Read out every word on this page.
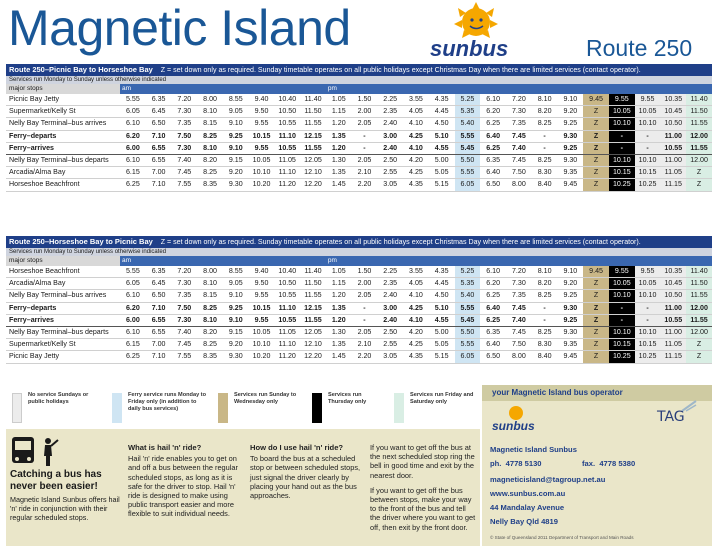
Magnetic Island	sunbus	Route 250
Route 250–Picnic Bay to Horseshoe Bay Z = set down only as required. Sunday timetable operates on all public holidays except Christmas Day when there are limited services (contact operator).																							
Services run Monday to Sunday unless otherwise indicated																							
major stops	am								pm														
Picnic Bay Jetty	5.55	6.35	7.20	8.00	8.55	9.40	10.40	11.40	1.05	1.50	2.25	3.55	4.35	5.25	6.10	7.20	8.10	9.10	9.45	9.55	9.55	10.35	11.40
Supermarket/Kelly St	6.05	6.45	7.30	8.10	9.05	9.50	10.50	11.50	1.15	2.00	2.35	4.05	4.45	5.35	6.20	7.30	8.20	9.20	Z	10.05	10.05	10.45	11.50
Nelly Bay Terminal–bus arrives	6.10	6.50	7.35	8.15	9.10	9.55	10.55	11.55	1.20	2.05	2.40	4.10	4.50	5.40	6.25	7.35	8.25	9.25	Z	10.10	10.10	10.50	11.55
Ferry–departs	6.20	7.10	7.50	8.25	9.25	10.15	11.10	12.15	1.35	-	3.00	4.25	5.10	5.55	6.40	7.45	-	9.30	Z	-	-	11.00	12.00
Ferry–arrives	6.00	6.55	7.30	8.10	9.10	9.55	10.55	11.55	1.20	-	2.40	4.10	4.55	5.45	6.25	7.40	-	9.25	Z	-	-	10.55	11.55
Nelly Bay Terminal–bus departs	6.10	6.55	7.40	8.20	9.15	10.05	11.05	12.05	1.30	2.05	2.50	4.20	5.00	5.50	6.35	7.45	8.25	9.30	Z	10.10	10.10	11.00	12.00
Arcadia/Alma Bay	6.15	7.00	7.45	8.25	9.20	10.10	11.10	12.10	1.35	2.10	2.55	4.25	5.05	5.55	6.40	7.50	8.30	9.35	Z	10.15	10.15	11.05	Z
Horseshoe Beachfront	6.25	7.10	7.55	8.35	9.30	10.20	11.20	12.20	1.45	2.20	3.05	4.35	5.15	6.05	6.50	8.00	8.40	9.45	Z	10.25	10.25	11.15	Z
Route 250–Horseshoe Bay to Picnic Bay Z = set down only as required. Sunday timetable operates on all public holidays except Christmas Day when there are limited services (contact operator).																							
Services run Monday to Sunday unless otherwise indicated																							
major stops	am								pm														
Horseshoe Beachfront	5.55	6.35	7.20	8.00	8.55	9.40	10.40	11.40	1.05	1.50	2.25	3.55	4.35	5.25	6.10	7.20	8.10	9.10	9.45	9.55	9.55	10.35	11.40
Arcadia/Alma Bay	6.05	6.45	7.30	8.10	9.05	9.50	10.50	11.50	1.15	2.00	2.35	4.05	4.45	5.35	6.20	7.30	8.20	9.20	Z	10.05	10.05	10.45	11.50
Nelly Bay Terminal–bus arrives	6.10	6.50	7.35	8.15	9.10	9.55	10.55	11.55	1.20	2.05	2.40	4.10	4.50	5.40	6.25	7.35	8.25	9.25	Z	10.10	10.10	10.50	11.55
Ferry–departs	6.20	7.10	7.50	8.25	9.25	10.15	11.10	12.15	1.35	-	3.00	4.25	5.10	5.55	6.40	7.45	-	9.30	Z	-	-	11.00	12.00
Ferry–arrives	6.00	6.55	7.30	8.10	9.10	9.55	10.55	11.55	1.20	-	2.40	4.10	4.55	5.45	6.25	7.40	-	9.25	Z	-	-	10.55	11.55
Nelly Bay Terminal–bus departs	6.10	6.55	7.40	8.20	9.15	10.05	11.05	12.05	1.30	2.05	2.50	4.20	5.00	5.50	6.35	7.45	8.25	9.30	Z	10.10	10.10	11.00	12.00
Supermarket/Kelly St	6.15	7.00	7.45	8.25	9.20	10.10	11.10	12.10	1.35	2.10	2.55	4.25	5.05	5.55	6.40	7.50	8.30	9.35	Z	10.15	10.15	11.05	Z
Picnic Bay Jetty	6.25	7.10	7.55	8.35	9.30	10.20	11.20	12.20	1.45	2.20	3.05	4.35	5.15	6.05	6.50	8.00	8.40	9.45	Z	10.25	10.25	11.15	Z
No service Sundays or public holidays
Ferry service runs Monday to Friday only (in addition to daily bus services)
Services run Sunday to Wednesday only
Services run Thursday only
Services run Friday and Saturday only
Catching a bus has never been easier!
Magnetic Island Sunbus offers hail 'n' ride in conjunction with their regular scheduled stops.
What is hail 'n' ride?
Hail 'n' ride enables you to get on and off a bus between the regular scheduled stops, as long as it is safe for the driver to stop. Hail 'n' ride is designed to make using public transport easier and more flexible to suit individual needs.
How do I use hail 'n' ride?
To board the bus at a scheduled stop or between scheduled stops, just signal the driver clearly by placing your hand out as the bus approaches.
If you want to get off the bus at the next scheduled stop ring the bell in good time and exit by the nearest door.
If you want to get off the bus between stops, make your way to the front of the bus and tell the driver where you want to get off, then exit by the front door.
your Magnetic Island bus operator
sunbus
TAG
Magnetic Island Sunbus
ph. 4778 5130	fax. 4778 5380
magneticisland@tagroup.net.au
www.sunbus.com.au
44 Mandalay Avenue
Nelly Bay Qld 4819
© State of Queensland 2011 Department of Transport and Main Roads
